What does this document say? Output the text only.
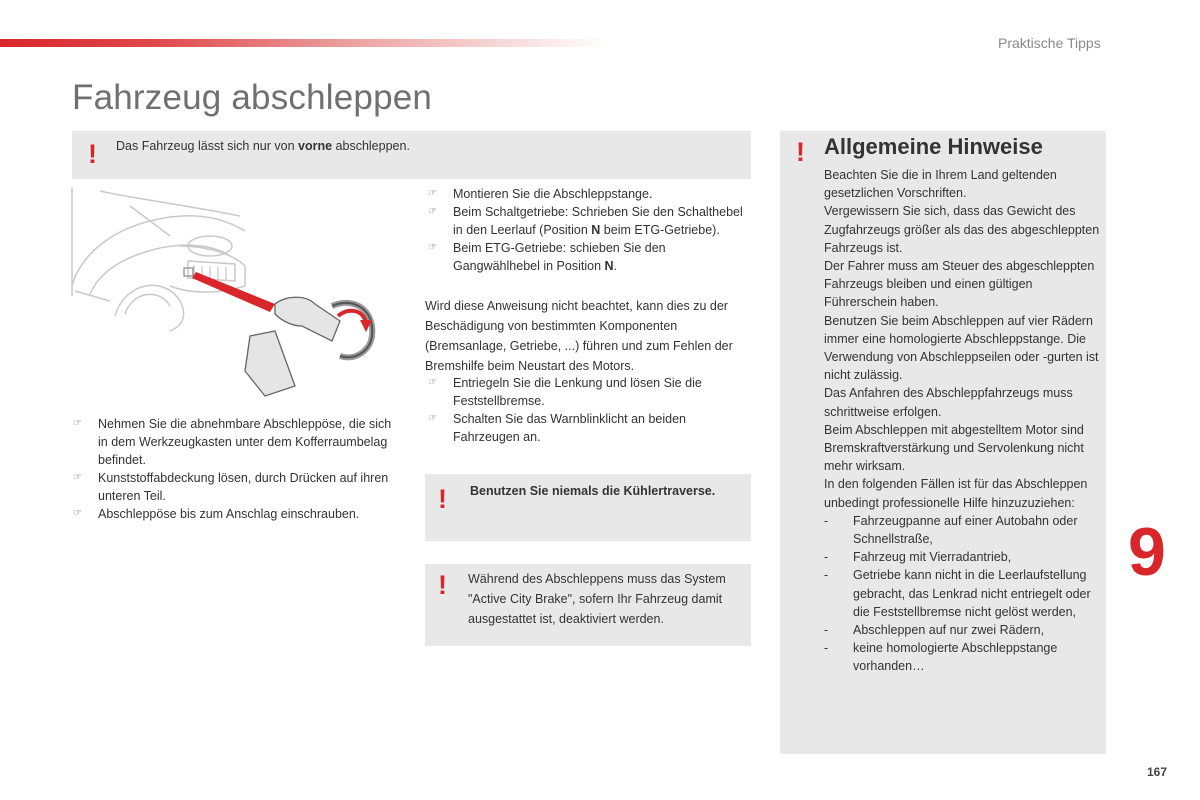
Praktische Tipps
Fahrzeug abschleppen
! Das Fahrzeug lässt sich nur von vorne abschleppen.
☞ Nehmen Sie die abnehmbare Abschleppöse, die sich in dem Werkzeugkasten unter dem Kofferraumbelag befindet.
☞ Kunststoffabdeckung lösen, durch Drücken auf ihren unteren Teil.
☞ Abschleppöse bis zum Anschlag einschrauben.
☞ Montieren Sie die Abschleppstange.
☞ Beim Schaltgetriebe: Schrieben Sie den Schalthebel in den Leerlauf (Position N beim ETG-Getriebe).
☞ Beim ETG-Getriebe: schieben Sie den Gangwählhebel in Position N.

Wird diese Anweisung nicht beachtet, kann dies zu der Beschädigung von bestimmten Komponenten (Bremsanlage, Getriebe, ...) führen und zum Fehlen der Bremshilfe beim Neustart des Motors.

☞ Entriegeln Sie die Lenkung und lösen Sie die Feststellbremse.
☞ Schalten Sie das Warnblinklicht an beiden Fahrzeugen an.
! Benutzen Sie niemals die Kühlertraverse.
! Während des Abschleppens muss das System "Active City Brake", sofern Ihr Fahrzeug damit ausgestattet ist, deaktiviert werden.
! Allgemeine Hinweise

Beachten Sie die in Ihrem Land geltenden gesetzlichen Vorschriften.

Vergewissern Sie sich, dass das Gewicht des Zugfahrzeugs größer als das des abgeschleppten Fahrzeugs ist.

Der Fahrer muss am Steuer des abgeschleppten Fahrzeugs bleiben und einen gültigen Führerschein haben.

Benutzen Sie beim Abschleppen auf vier Rädern immer eine homologierte Abschleppstange. Die Verwendung von Abschleppseilen oder -gurten ist nicht zulässig.

Das Anfahren des Abschleppfahrzeugs muss schrittweise erfolgen.

Beim Abschleppen mit abgestelltem Motor sind Bremskraftverstärkung und Servolenkung nicht mehr wirksam.

In den folgenden Fällen ist für das Abschleppen unbedingt professionelle Hilfe hinzuzuziehen:

- Fahrzeugpanne auf einer Autobahn oder Schnellstraße,
- Fahrzeug mit Vierradantrieb,
- Getriebe kann nicht in die Leerlaufstellung gebracht, das Lenkrad nicht entriegelt oder die Feststellbremse nicht gelöst werden,
- Abschleppen auf nur zwei Rädern,
- keine homologierte Abschleppstange vorhanden…
9
167
